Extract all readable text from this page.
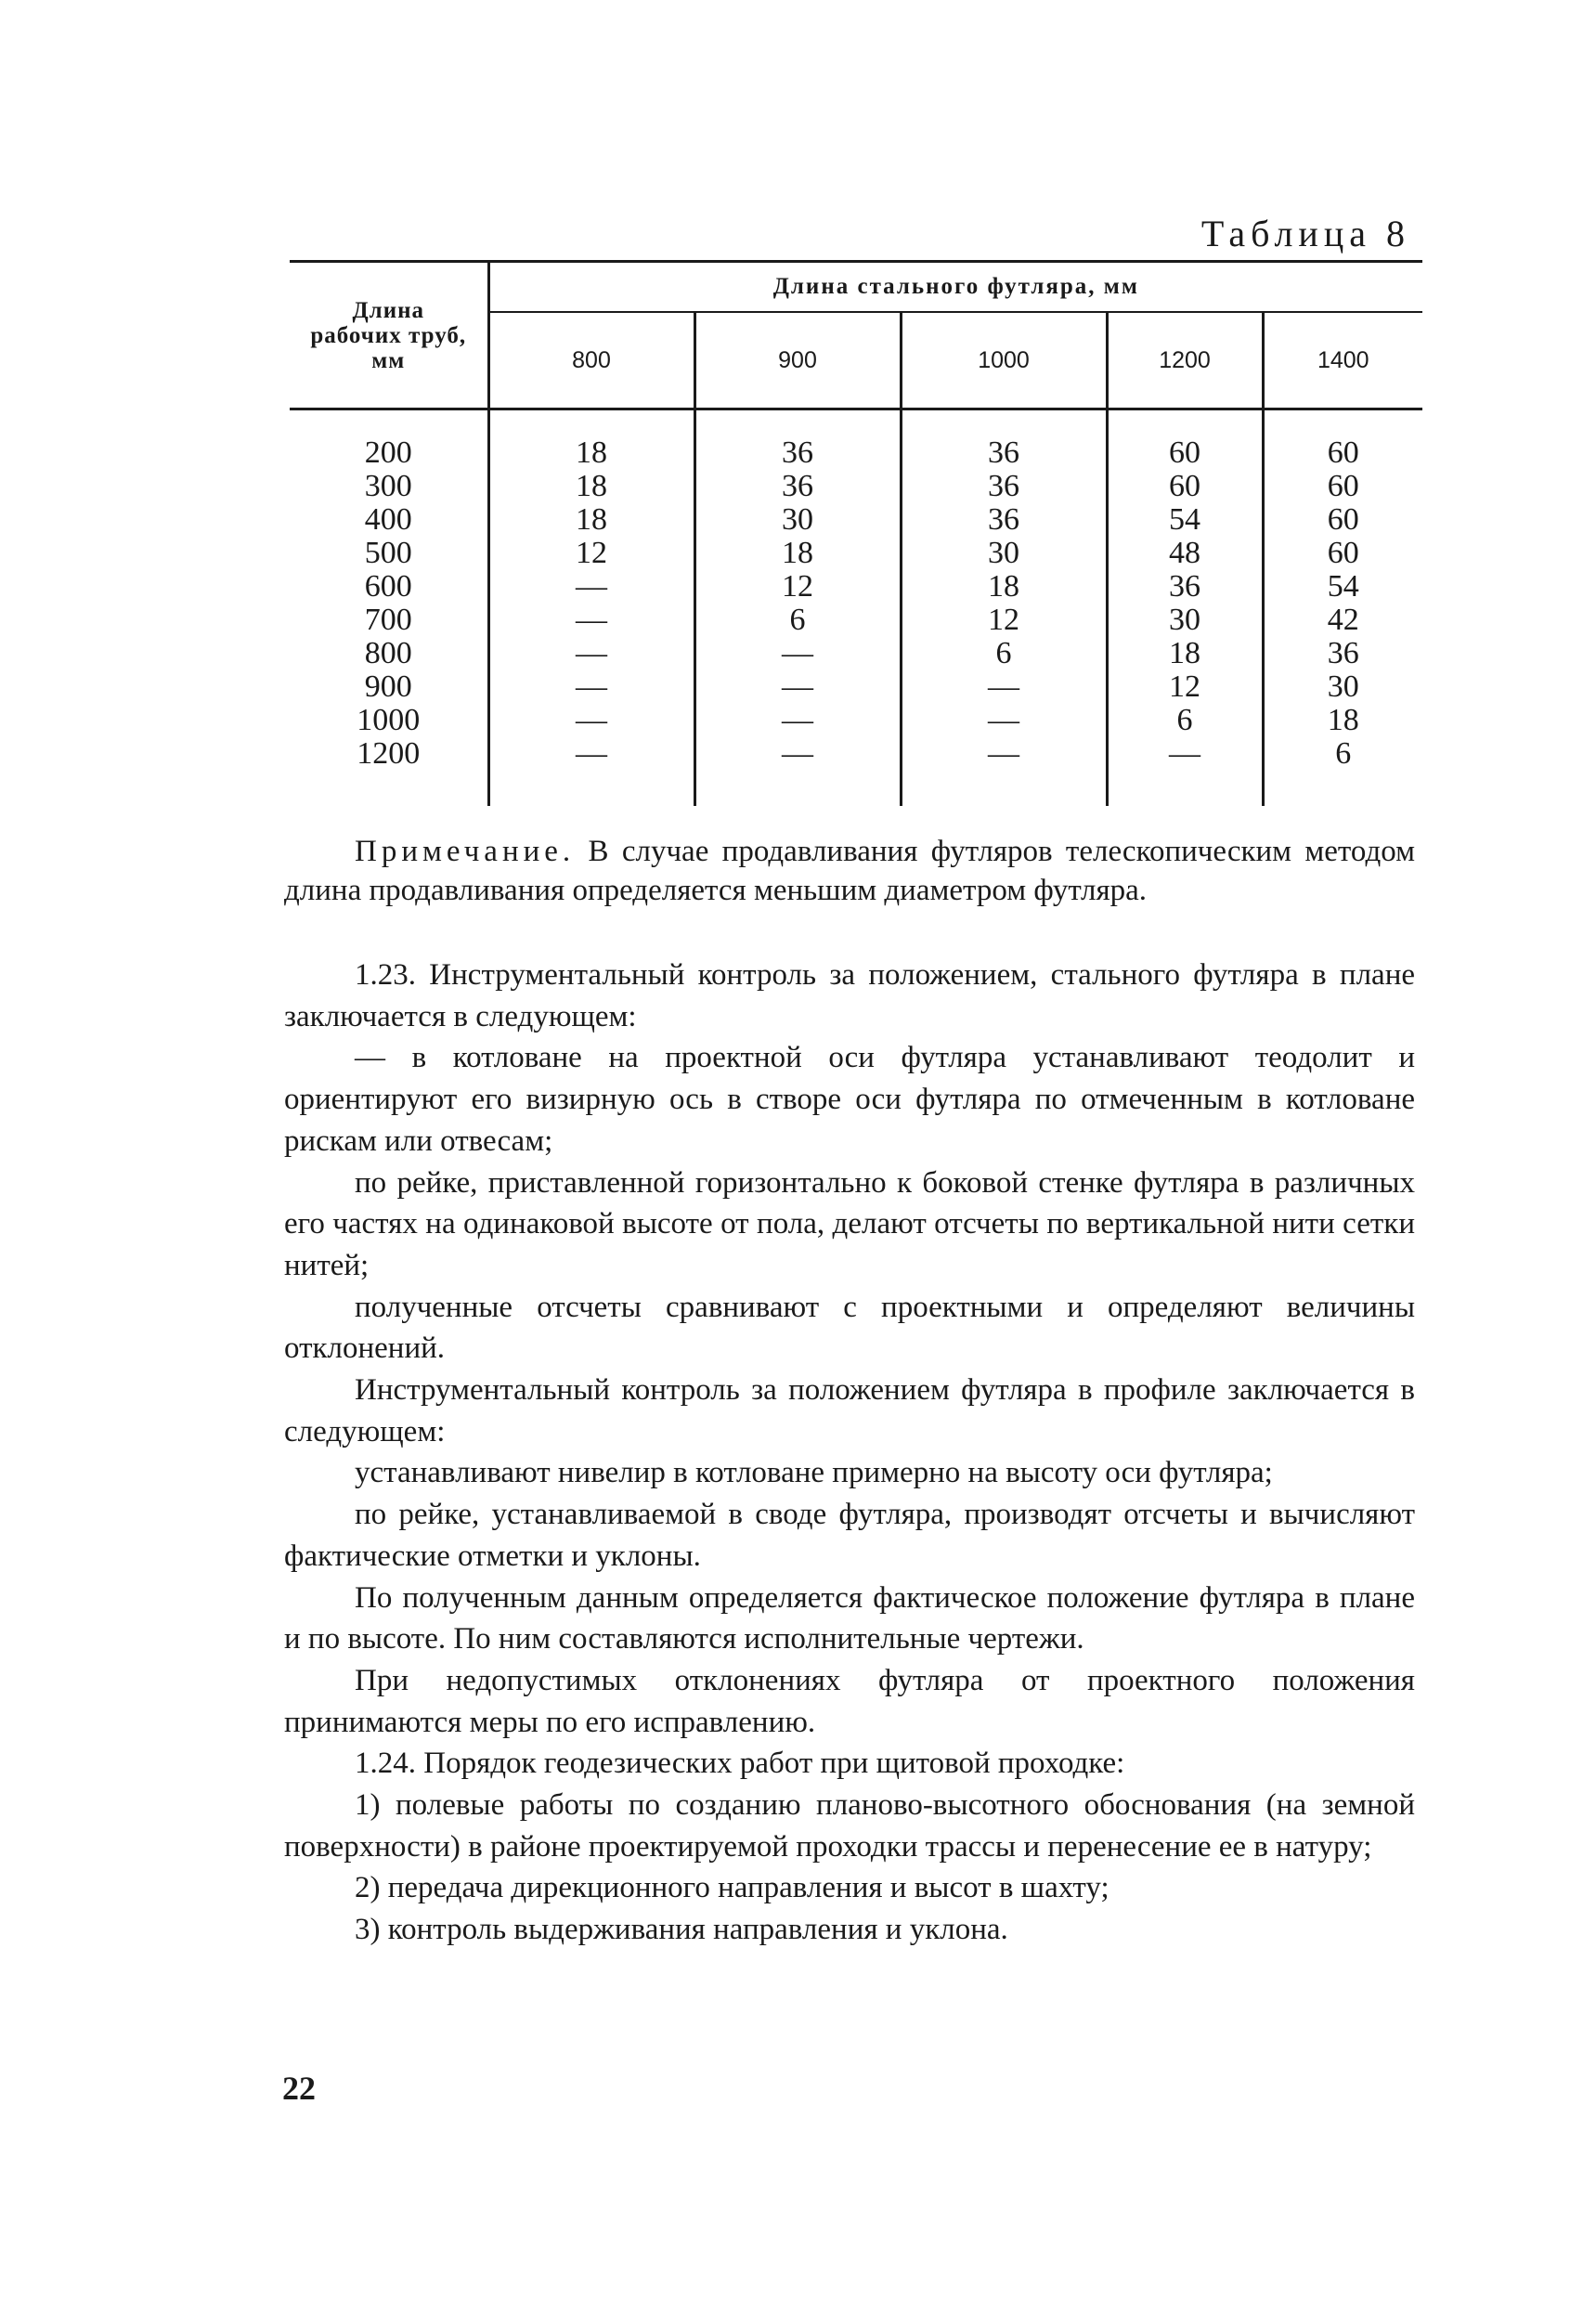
Таблица 8
Длина
рабочих труб,
мм	Длина стального футляра, мм				
	800	900	1000	1200	1400
200	18	36	36	60	60
300	18	36	36	60	60
400	18	30	36	54	60
500	12	18	30	48	60
600	—	12	18	36	54
700	—	6	12	30	42
800	—	—	6	18	36
900	—	—	—	12	30
1000	—	—	—	6	18
1200	—	—	—	—	6

Примечание. В случае продавливания футляров телескопическим методом длина продавливания определяется меньшим диаметром футляра.

1.23. Инструментальный контроль за положением, стального футляра в плане заключается в следующем:

— в котловане на проектной оси футляра устанавливают теодолит и ориентируют его визирную ось в створе оси футляра по отмеченным в котловане рискам или отвесам;

по рейке, приставленной горизонтально к боковой стенке футляра в различных его частях на одинаковой высоте от пола, делают отсчеты по вертикальной нити сетки нитей;

полученные отсчеты сравнивают с проектными и определяют величины отклонений.

Инструментальный контроль за положением футляра в профиле заключается в следующем:

устанавливают нивелир в котловане примерно на высоту оси футляра;

по рейке, устанавливаемой в своде футляра, производят отсчеты и вычисляют фактические отметки и уклоны.

По полученным данным определяется фактическое положение футляра в плане и по высоте. По ним составляются исполнительные чертежи.

При недопустимых отклонениях футляра от проектного положения принимаются меры по его исправлению.

1.24. Порядок геодезических работ при щитовой проходке:

1) полевые работы по созданию планово-высотного обоснования (на земной поверхности) в районе проектируемой проходки трассы и перенесение ее в натуру;

2) передача дирекционного направления и высот в шахту;

3) контроль выдерживания направления и уклона.

22
